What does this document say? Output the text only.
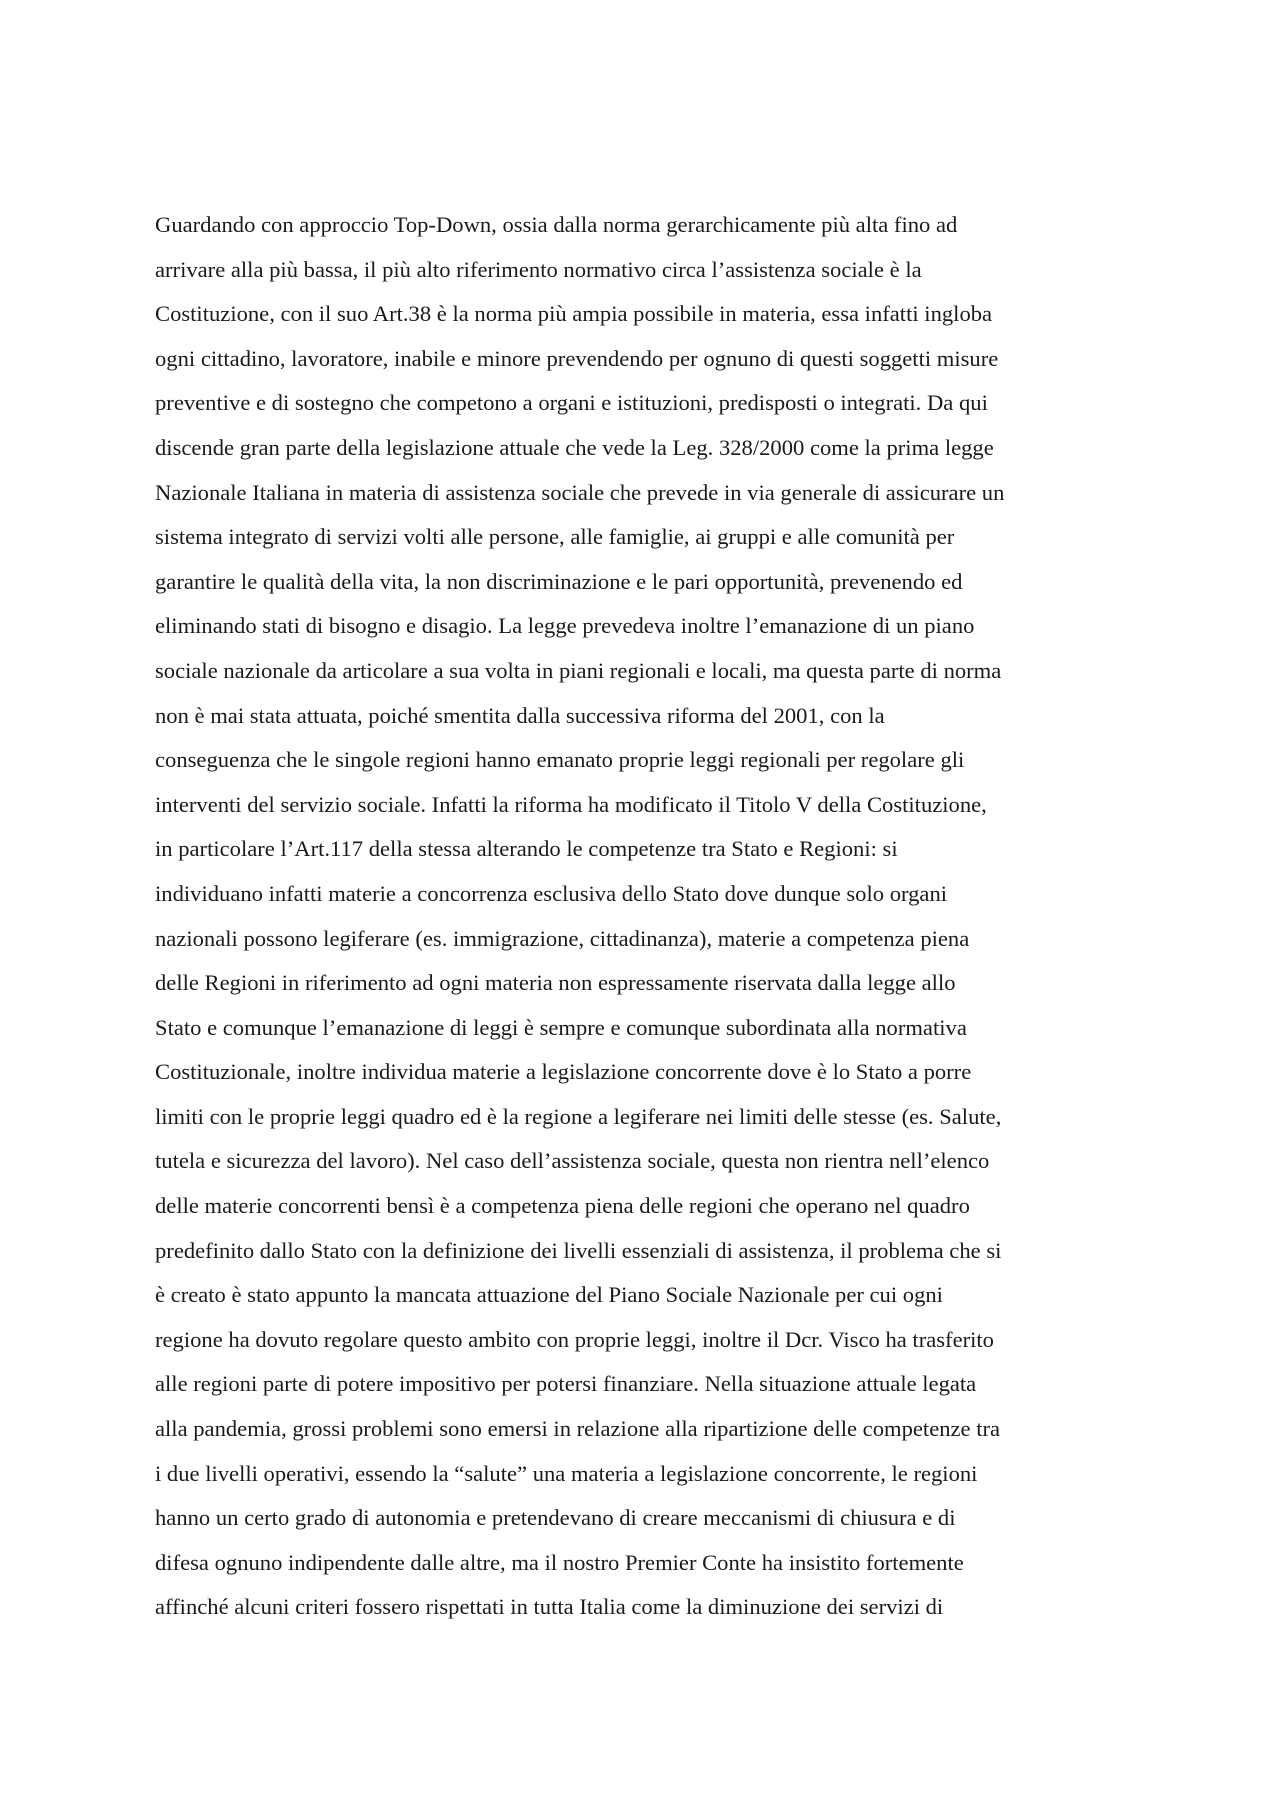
Guardando con approccio Top-Down, ossia dalla norma gerarchicamente più alta fino ad
arrivare alla più bassa, il più alto riferimento normativo circa l’assistenza sociale è la
Costituzione, con il suo Art.38 è la norma più ampia possibile in materia, essa infatti ingloba
ogni cittadino, lavoratore, inabile e minore prevendendo per ognuno di questi soggetti misure
preventive e di sostegno che competono a organi e istituzioni, predisposti o integrati. Da qui
discende gran parte della legislazione attuale che vede la Leg. 328/2000 come la prima legge
Nazionale Italiana in materia di assistenza sociale che prevede in via generale di assicurare un
sistema integrato di servizi volti alle persone, alle famiglie, ai gruppi e alle comunità per
garantire le qualità della vita, la non discriminazione e le pari opportunità, prevenendo ed
eliminando stati di bisogno e disagio. La legge prevedeva inoltre l’emanazione di un piano
sociale nazionale da articolare a sua volta in piani regionali e locali, ma questa parte di norma
non è mai stata attuata, poiché smentita dalla successiva riforma del 2001, con la
conseguenza che le singole regioni hanno emanato proprie leggi regionali per regolare gli
interventi del servizio sociale. Infatti la riforma ha modificato il Titolo V della Costituzione,
in particolare l’Art.117 della stessa alterando le competenze tra Stato e Regioni: si
individuano infatti materie a concorrenza esclusiva dello Stato dove dunque solo organi
nazionali possono legiferare (es. immigrazione, cittadinanza), materie a competenza piena
delle Regioni in riferimento ad ogni materia non espressamente riservata dalla legge allo
Stato e comunque l’emanazione di leggi è sempre e comunque subordinata alla normativa
Costituzionale, inoltre individua materie a legislazione concorrente dove è lo Stato a porre
limiti con le proprie leggi quadro ed è la regione a legiferare nei limiti delle stesse (es. Salute,
tutela e sicurezza del lavoro). Nel caso dell’assistenza sociale, questa non rientra nell’elenco
delle materie concorrenti bensì è a competenza piena delle regioni che operano nel quadro
predefinito dallo Stato con la definizione dei livelli essenziali di assistenza, il problema che si
è creato è stato appunto la mancata attuazione del Piano Sociale Nazionale per cui ogni
regione ha dovuto regolare questo ambito con proprie leggi, inoltre il Dcr. Visco ha trasferito
alle regioni parte di potere impositivo per potersi finanziare. Nella situazione attuale legata
alla pandemia, grossi problemi sono emersi in relazione alla ripartizione delle competenze tra
i due livelli operativi, essendo la “salute” una materia a legislazione concorrente, le regioni
hanno un certo grado di autonomia e pretendevano di creare meccanismi di chiusura e di
difesa ognuno indipendente dalle altre, ma il nostro Premier Conte ha insistito fortemente
affinché alcuni criteri fossero rispettati in tutta Italia come la diminuzione dei servizi di
